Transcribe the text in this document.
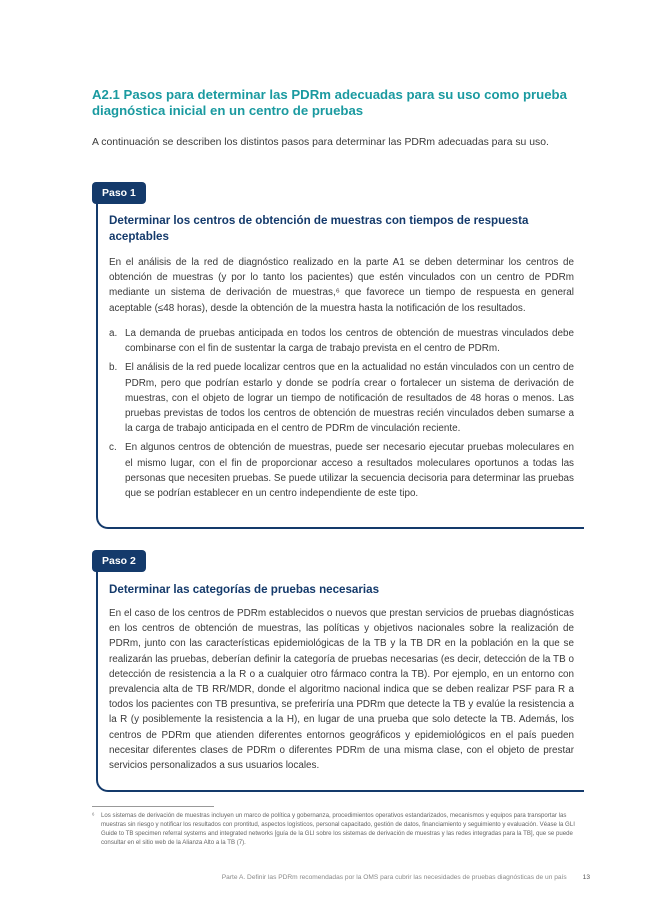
A2.1 Pasos para determinar las PDRm adecuadas para su uso como prueba diagnóstica inicial en un centro de pruebas

A continuación se describen los distintos pasos para determinar las PDRm adecuadas para su uso.

Paso 1
Determinar los centros de obtención de muestras con tiempos de respuesta aceptables

En el análisis de la red de diagnóstico realizado en la parte A1 se deben determinar los centros de obtención de muestras (y por lo tanto los pacientes) que estén vinculados con un centro de PDRm mediante un sistema de derivación de muestras,⁶ que favorece un tiempo de respuesta en general aceptable (≤48 horas), desde la obtención de la muestra hasta la notificación de los resultados.

a. La demanda de pruebas anticipada en todos los centros de obtención de muestras vinculados debe combinarse con el fin de sustentar la carga de trabajo prevista en el centro de PDRm.
b. El análisis de la red puede localizar centros que en la actualidad no están vinculados con un centro de PDRm, pero que podrían estarlo y donde se podría crear o fortalecer un sistema de derivación de muestras, con el objeto de lograr un tiempo de notificación de resultados de 48 horas o menos. Las pruebas previstas de todos los centros de obtención de muestras recién vinculados deben sumarse a la carga de trabajo anticipada en el centro de PDRm de vinculación reciente.
c. En algunos centros de obtención de muestras, puede ser necesario ejecutar pruebas moleculares en el mismo lugar, con el fin de proporcionar acceso a resultados moleculares oportunos a todas las personas que necesiten pruebas. Se puede utilizar la secuencia decisoria para determinar las pruebas que se podrían establecer en un centro independiente de este tipo.
Paso 2
Determinar las categorías de pruebas necesarias

En el caso de los centros de PDRm establecidos o nuevos que prestan servicios de pruebas diagnósticas en los centros de obtención de muestras, las políticas y objetivos nacionales sobre la realización de PDRm, junto con las características epidemiológicas de la TB y la TB DR en la población en la que se realizarán las pruebas, deberían definir la categoría de pruebas necesarias (es decir, detección de la TB o detección de resistencia a la R o a cualquier otro fármaco contra la TB). Por ejemplo, en un entorno con prevalencia alta de TB RR/MDR, donde el algoritmo nacional indica que se deben realizar PSF para R a todos los pacientes con TB presuntiva, se preferiría una PDRm que detecte la TB y evalúe la resistencia a la R (y posiblemente la resistencia a la H), en lugar de una prueba que solo detecte la TB. Además, los centros de PDRm que atienden diferentes entornos geográficos y epidemiológicos en el país pueden necesitar diferentes clases de PDRm o diferentes PDRm de una misma clase, con el objeto de prestar servicios personalizados a sus usuarios locales.

⁶ Los sistemas de derivación de muestras incluyen un marco de política y gobernanza, procedimientos operativos estandarizados, mecanismos y equipos para transportar las muestras sin riesgo y notificar los resultados con prontitud, aspectos logísticos, personal capacitado, gestión de datos, financiamiento y seguimiento y evaluación. Véase la GLI Guide to TB specimen referral systems and integrated networks [guía de la GLI sobre los sistemas de derivación de muestras y las redes integradas para la TB], que se puede consultar en el sitio web de la Alianza Alto a la TB (7).

Parte A. Definir las PDRm recomendadas por la OMS para cubrir las necesidades de pruebas diagnósticas de un país 13
